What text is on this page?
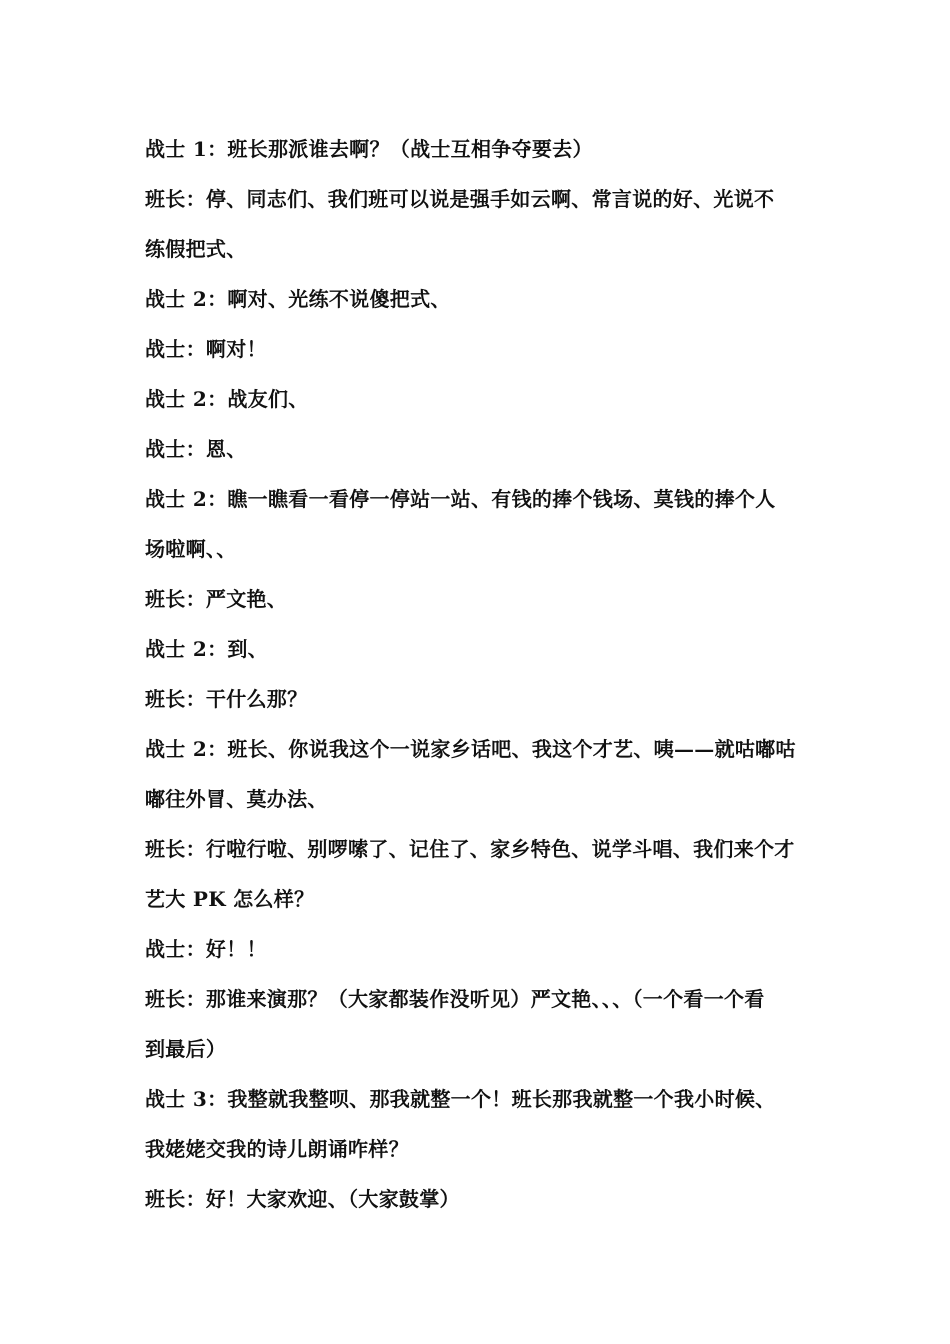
战士 1：班长那派谁去啊？（战士互相争夺要去）
班长：停、同志们、我们班可以说是强手如云啊、常言说的好、光说不
练假把式、
战士 2：啊对、光练不说傻把式、
战士：啊对！
战士 2：战友们、
战士：恩、
战士 2：瞧一瞧看一看停一停站一站、有钱的捧个钱场、莫钱的捧个人
场啦啊、、
班长：严文艳、
战士 2：到、
班长：干什么那？
战士 2：班长、你说我这个一说家乡话吧、我这个才艺、咦——就咕嘟咕
嘟往外冒、莫办法、
班长：行啦行啦、别啰嗦了、记住了、家乡特色、说学斗唱、我们来个才
艺大 PK 怎么样？
战士：好！！
班长：那谁来演那？（大家都装作没听见）严文艳、、、（一个看一个看
到最后）
战士 3：我整就我整呗、那我就整一个！班长那我就整一个我小时候、
我姥姥交我的诗儿朗诵咋样？
班长：好！大家欢迎、（大家鼓掌）
